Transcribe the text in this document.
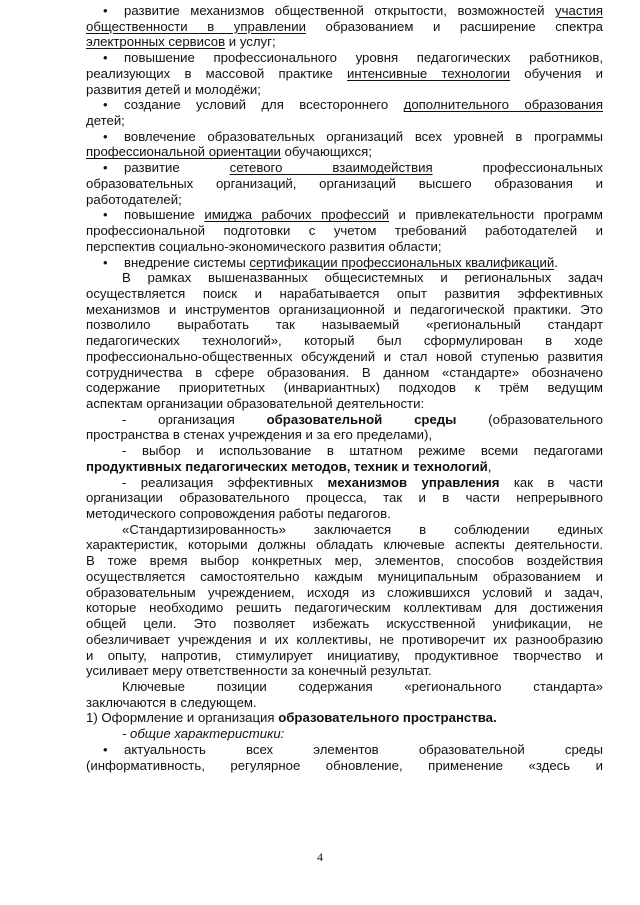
• развитие механизмов общественной открытости, возможностей участия
общественности в управлении образованием и расширение спектра
электронных сервисов и услуг;
• повышение профессионального уровня педагогических работников,
реализующих в массовой практике интенсивные технологии обучения и
развития детей и молодёжи;
• создание условий для всестороннего дополнительного образования
детей;
• вовлечение образовательных организаций всех уровней в программы
профессиональной ориентации обучающихся;
• развитие сетевого взаимодействия профессиональных
образовательных организаций, организаций высшего образования и
работодателей;
• повышение имиджа рабочих профессий и привлекательности программ
профессиональной подготовки с учетом требований работодателей и
перспектив социально-экономического развития области;
• внедрение системы сертификации профессиональных квалификаций.
В рамках вышеназванных общесистемных и региональных задач
осуществляется поиск и нарабатывается опыт развития эффективных
механизмов и инструментов организационной и педагогической практики. Это
позволило выработать так называемый «региональный стандарт
педагогических технологий», который был сформулирован в ходе
профессионально-общественных обсуждений и стал новой ступенью развития
сотрудничества в сфере образования. В данном «стандарте» обозначено
содержание приоритетных (инвариантных) подходов к трём ведущим
аспектам организации образовательной деятельности:
- организация образовательной среды (образовательного
пространства в стенах учреждения и за его пределами),
- выбор и использование в штатном режиме всеми педагогами
продуктивных педагогических методов, техник и технологий,
- реализация эффективных механизмов управления как в части
организации образовательного процесса, так и в части непрерывного
методического сопровождения работы педагогов.
«Стандартизированность» заключается в соблюдении единых
характеристик, которыми должны обладать ключевые аспекты деятельности.
В тоже время выбор конкретных мер, элементов, способов воздействия
осуществляется самостоятельно каждым муниципальным образованием и
образовательным учреждением, исходя из сложившихся условий и задач,
которые необходимо решить педагогическим коллективам для достижения
общей цели. Это позволяет избежать искусственной унификации, не
обезличивает учреждения и их коллективы, не противоречит их разнообразию
и опыту, напротив, стимулирует инициативу, продуктивное творчество и
усиливает меру ответственности за конечный результат.
Ключевые позиции содержания «регионального стандарта»
заключаются в следующем.
1) Оформление и организация образовательного пространства.
- общие характеристики:
• актуальность всех элементов образовательной среды
(информативность, регулярное обновление, применение «здесь и
4
